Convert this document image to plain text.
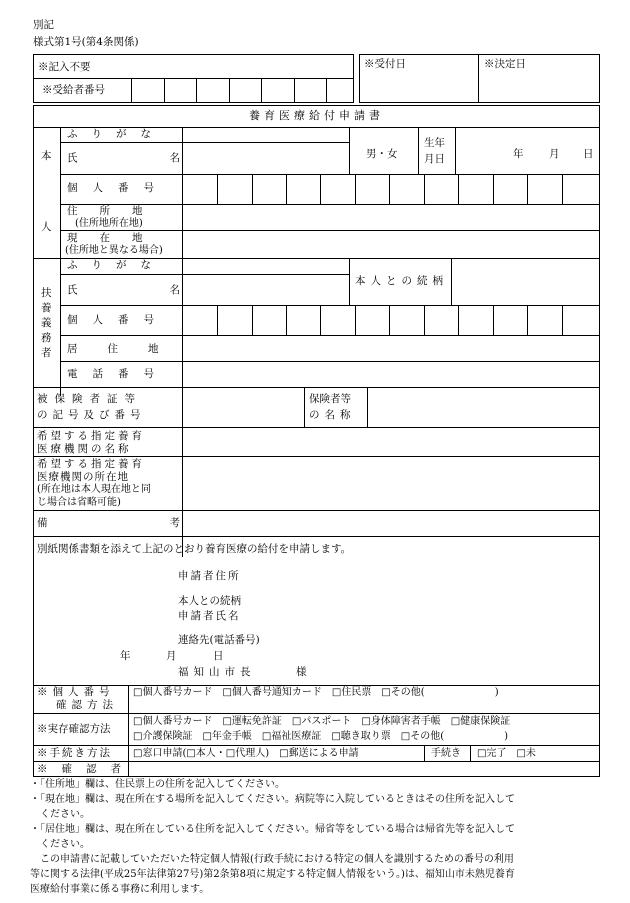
別記
様式第1号(第4条関係)
※記入不要
※受給者番号
※受付日	※決定日
養育医療給付申請書
本
人
ふりがな
氏名	男・女
生年
月日	年 月 日
個人番号
住所地
(住所地所在地)
現在地
(住所地と異なる場合)
扶
養
義
務
者
ふりがな
氏名
本人との続柄
個人番号
居住地
電話番号
被保険者証等
の記号及び番号
保険者等
の名称
希望する指定養育
医療機関の名称
希望する指定養育
医療機関の所在地
(所在地は本人現在地と同
じ場合は省略可能)
備考
別紙関係書類を添えて上記のとおり養育医療の給付を申請します。
申請者住所
本人との続柄
申請者氏名
連絡先(電話番号)
年	月	日
福知山市長	様
※個人番号
確認方法
□個人番号カード　□個人番号通知カード　□住民票　□その他(　　　　　　　)
※実存確認方法
□個人番号カード　□運転免許証　□パスポート　□身体障害者手帳　□健康保険証
□介護保険証　□年金手帳　□福祉医療証　□聴き取り票　□その他(　　　　　　)
※手続き方法 □窓口申請(□本人・□代理人)　□郵送による申請	手続き □完了　□未
※確認者
・「住所地」欄は、住民票上の住所を記入してください。
・「現在地」欄は、現在所在する場所を記入してください。病院等に入院しているときはその住所を記入して
　ください。
・「居住地」欄は、現在所在している住所を記入してください。帰省等をしている場合は帰省先等を記入して
　ください。
　この申請書に記載していただいた特定個人情報(行政手続における特定の個人を識別するための番号の利用
等に関する法律(平成25年法律第27号)第2条第8項に規定する特定個人情報をいう。)は、福知山市未熟児養育
医療給付事業に係る事務に利用します。
